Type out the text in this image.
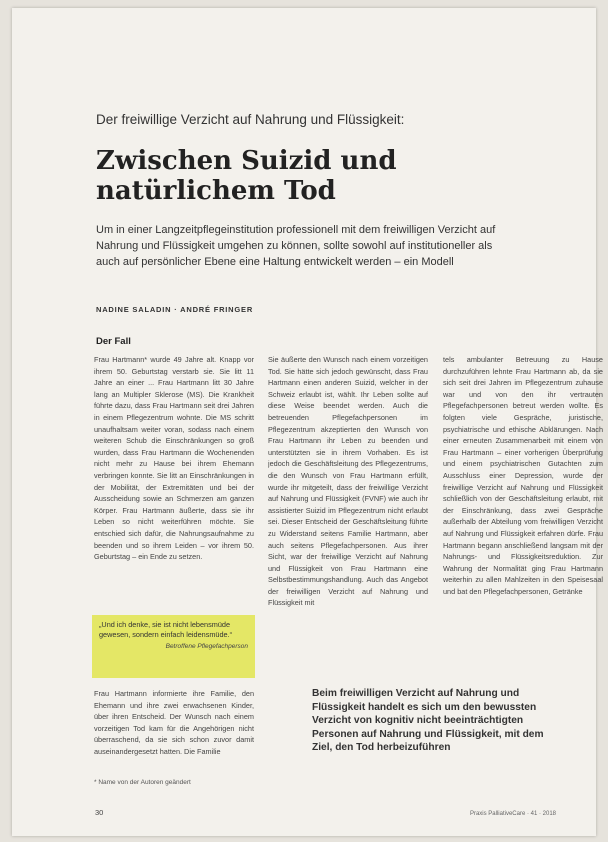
Der freiwillige Verzicht auf Nahrung und Flüssigkeit:
Zwischen Suizid und natürlichem Tod
Um in einer Langzeitpflegeinstitution professionell mit dem freiwilligen Verzicht auf Nahrung und Flüssigkeit umgehen zu können, sollte sowohl auf institutioneller als auch auf persönlicher Ebene eine Haltung entwickelt werden – ein Modell
NADINE SALADIN · ANDRÉ FRINGER
Der Fall
Frau Hartmann* wurde 49 Jahre alt. Knapp vor ihrem 50. Geburtstag verstarb sie. Sie litt 11 Jahre an einer ... Frau Hartmann litt 30 Jahre lang an Multipler Sklerose (MS). Die Krankheit führte dazu, dass Frau Hartmann seit drei Jahren in einem Pflegezentrum wohnte. Die MS schritt unaufhaltsam weiter voran, sodass nach einem weiteren Schub die Einschränkungen so groß wurden, dass Frau Hartmann die Wochenenden nicht mehr zu Hause bei ihrem Ehemann verbringen konnte. Sie litt an Einschränkungen in der Mobilität, der Extremitäten und bei der Ausscheidung sowie an Schmerzen am ganzen Körper. Frau Hartmann äußerte, dass sie ihr Leben so nicht weiterführen möchte. Sie entschied sich dafür, die Nahrungsaufnahme zu beenden und so ihrem Leiden – vor ihrem 50. Geburtstag – ein Ende zu setzen.
Sie äußerte den Wunsch nach einem vorzeitigen Tod. Sie hätte sich jedoch gewünscht, dass Frau Hartmann einen anderen Suizid, welcher in der Schweiz erlaubt ist, wählt. Ihr Leben sollte auf diese Weise beendet werden. Auch die betreuenden Pflegefachpersonen im Pflegezentrum akzeptierten den Wunsch von Frau Hartmann ihr Leben zu beenden und unterstützten sie in ihrem Vorhaben. Es ist jedoch die Geschäftsleitung des Pflegezentrums, die den Wunsch von Frau Hartmann erfüllt, wurde ihr mitgeteilt, dass der freiwillige Verzicht auf Nahrung und Flüssigkeit (FVNF) wie auch ihr assistierter Suizid im Pflegezentrum nicht erlaubt sei. Dieser Entscheid der Geschäftsleitung führte zu Widerstand seitens Familie Hartmann, aber auch seitens Pflegefachpersonen. Aus ihrer Sicht, war der freiwillige Verzicht auf Nahrung und Flüssigkeit von Frau Hartmann eine Selbstbestimmungshandlung. Auch das Angebot der freiwilligen Verzicht auf Nahrung und Flüssigkeit mit
tels ambulanter Betreuung zu Hause durchzuführen lehnte Frau Hartmann ab, da sie sich seit drei Jahren im Pflegezentrum zuhause war und von den ihr vertrauten Pflegefachpersonen betreut werden wollte. Es folgten viele Gespräche, juristische, psychiatrische und ethische Abklärungen. Nach einer erneuten Zusammenarbeit mit einem von Frau Hartmann – einer vorherigen Überprüfung und einem psychiatrischen Gutachten zum Ausschluss einer Depression, wurde der freiwillige Verzicht auf Nahrung und Flüssigkeit schließlich von der Geschäftsleitung erlaubt, mit der Einschränkung, dass zwei Gespräche außerhalb der Abteilung vom freiwilligen Verzicht auf Nahrung und Flüssigkeit erfahren dürfe. Frau Hartmann begann anschließend langsam mit der Nahrungs- und Flüssigkeitsreduktion. Zur Wahrung der Normalität ging Frau Hartmann weiterhin zu allen Mahlzeiten in den Speisesaal und bat den Pflegefachpersonen, Getränke
„Und ich denke, sie ist nicht lebensmüde gewesen, sondern einfach leidensmüde.“
Betroffene Pflegefachperson
Frau Hartmann informierte ihre Familie, den Ehemann und ihre zwei erwachsenen Kinder, über ihren Entscheid. Der Wunsch nach einem vorzeitigen Tod kam für die Angehörigen nicht überraschend, da sie sich schon zuvor damit auseinandergesetzt hatten. Die Familie
* Name von der Autoren geändert
Beim freiwilligen Verzicht auf Nahrung und Flüssigkeit handelt es sich um den bewussten Verzicht von kognitiv nicht beeinträchtigten Personen auf Nahrung und Flüssigkeit, mit dem Ziel, den Tod herbeizuführen
30	Praxis PalliativeCare · 41 · 2018
